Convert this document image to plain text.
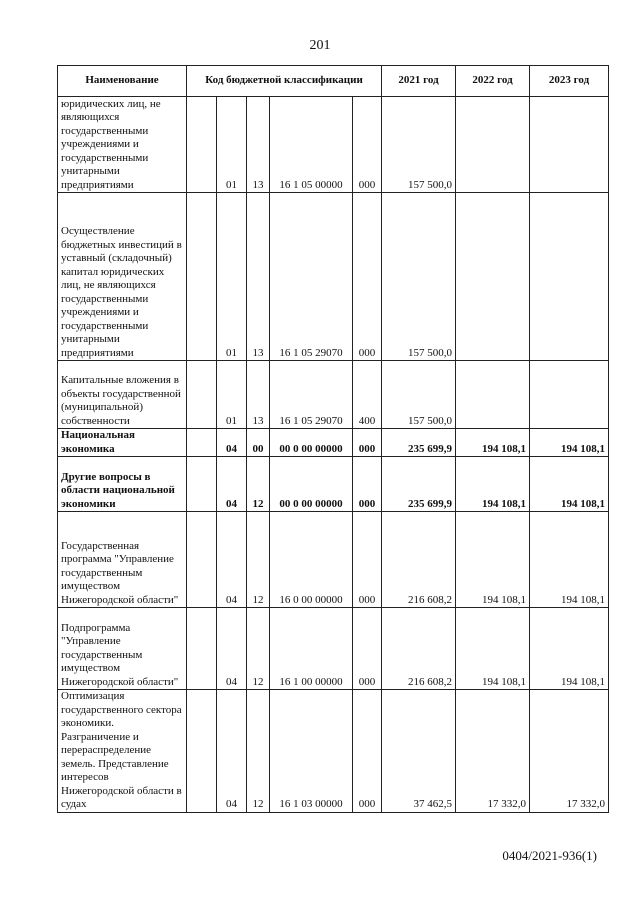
201
Наименование	Код бюджетной классификации					2021 год	2022 год	2023 год
юридических лиц, не являющихся государственными учреждениями и государственными унитарными предприятиями		01	13	16 1 05 00000	000	157 500,0		
Осуществление бюджетных инвестиций в уставный (складочный) капитал юридических лиц, не являющихся государственными учреждениями и государственными унитарными предприятиями		01	13	16 1 05 29070	000	157 500,0		
Капитальные вложения в объекты государственной (муниципальной) собственности		01	13	16 1 05 29070	400	157 500,0		
Национальная экономика		04	00	00 0 00 00000	000	235 699,9	194 108,1	194 108,1
Другие вопросы в области национальной экономики		04	12	00 0 00 00000	000	235 699,9	194 108,1	194 108,1
Государственная программа "Управление государственным имуществом Нижегородской области"		04	12	16 0 00 00000	000	216 608,2	194 108,1	194 108,1
Подпрограмма "Управление государственным имуществом Нижегородской области"		04	12	16 1 00 00000	000	216 608,2	194 108,1	194 108,1
Оптимизация государственного сектора экономики. Разграничение и перераспределение земель. Представление интересов Нижегородской области в судах		04	12	16 1 03 00000	000	37 462,5	17 332,0	17 332,0
0404/2021-936(1)
